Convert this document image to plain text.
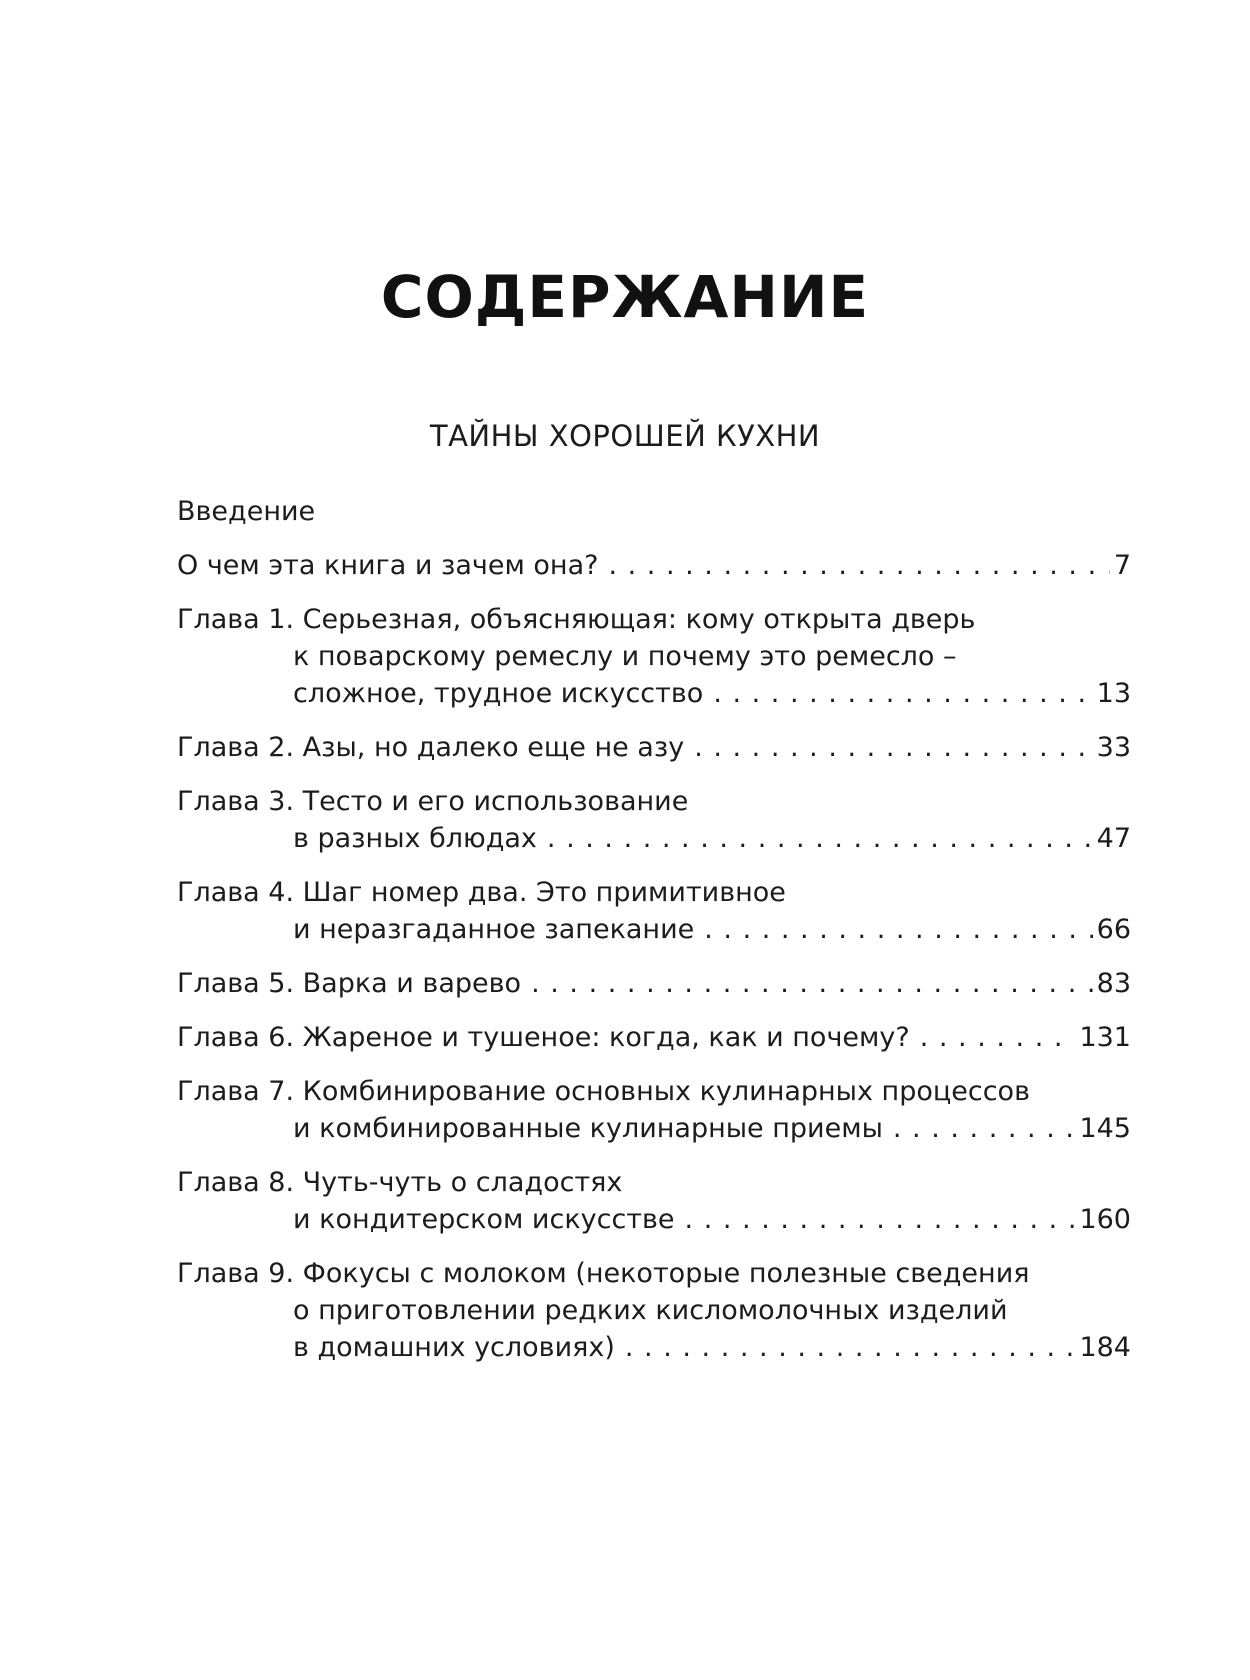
СОДЕРЖАНИЕ
ТАЙНЫ ХОРОШЕЙ КУХНИ
Введение
О чем эта книга и зачем она? . . .	7
Глава 1. Серьезная, объясняющая: кому открыта дверь
к поварскому ремеслу и почему это ремесло –
сложное, трудное искусство . . .	13
Глава 2. Азы, но далеко еще не азу . . .	33
Глава 3. Тесто и его использование
в разных блюдах . . .	47
Глава 4. Шаг номер два. Это примитивное
и неразгаданное запекание . . .	66
Глава 5. Варка и варево . . .	83
Глава 6. Жареное и тушеное: когда, как и почему? . . .	131
Глава 7. Комбинирование основных кулинарных процессов
и комбинированные кулинарные приемы . . .	145
Глава 8. Чуть-чуть о сладостях
и кондитерском искусстве . . .	160
Глава 9. Фокусы с молоком (некоторые полезные сведения
о приготовлении редких кисломолочных изделий
в домашних условиях) . . .	184
